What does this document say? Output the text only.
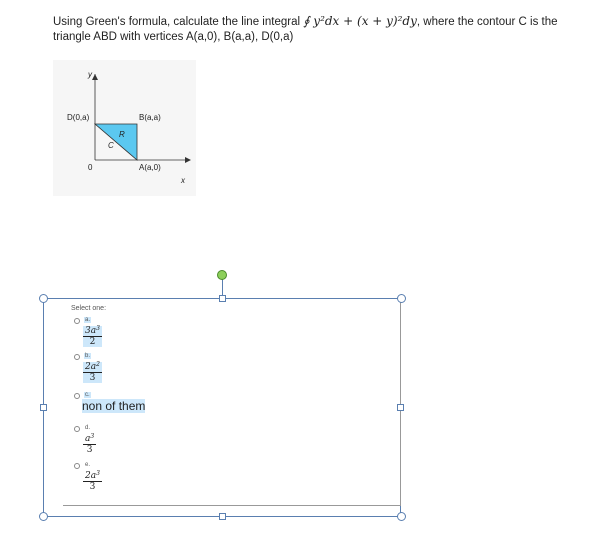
Using Green's formula, calculate the line integral ∮ y²dx + (x + y)²dy, where the contour C is the triangle ABD with vertices A(a,0), B(a,a), D(0,a)
y
x
0
D(0,a)	B(a,a)
A(a,0)
R
C
Select one:
a.
$\frac{3a^3}{2}$
b.
$\frac{2a^2}{3}$
c.
non of them
d.
$\frac{a^3}{3}$
e.
$\frac{2a^3}{3}$
